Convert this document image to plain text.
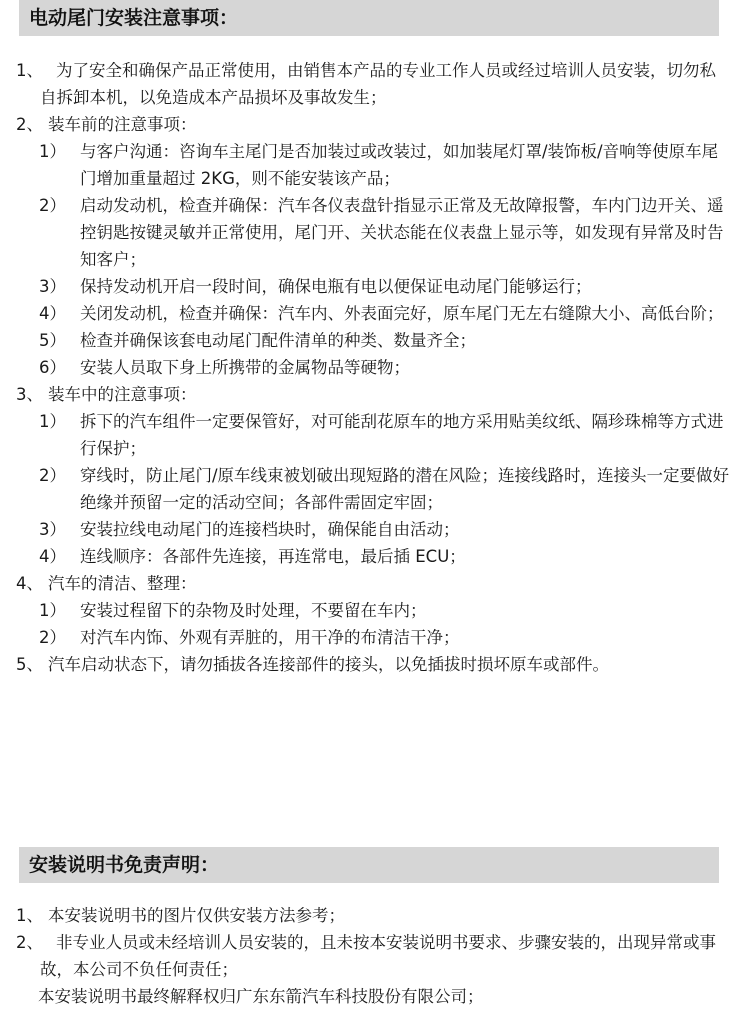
电动尾门安装注意事项：
1、 为了安全和确保产品正常使用，由销售本产品的专业工作人员或经过培训人员安装，切勿私自拆卸本机，以免造成本产品损坏及事故发生；
2、 装车前的注意事项：
1） 与客户沟通：咨询车主尾门是否加装过或改装过，如加装尾灯罩/装饰板/音响等使原车尾门增加重量超过 2KG，则不能安装该产品；
2） 启动发动机，检查并确保：汽车各仪表盘针指显示正常及无故障报警，车内门边开关、遥控钥匙按键灵敏并正常使用，尾门开、关状态能在仪表盘上显示等，如发现有异常及时告知客户；
3） 保持发动机开启一段时间，确保电瓶有电以便保证电动尾门能够运行；
4） 关闭发动机，检查并确保：汽车内、外表面完好，原车尾门无左右缝隙大小、高低台阶；
5） 检查并确保该套电动尾门配件清单的种类、数量齐全；
6） 安装人员取下身上所携带的金属物品等硬物；
3、 装车中的注意事项：
1） 拆下的汽车组件一定要保管好，对可能刮花原车的地方采用贴美纹纸、隔珍珠棉等方式进行保护；
2） 穿线时，防止尾门/原车线束被划破出现短路的潜在风险；连接线路时，连接头一定要做好绝缘并预留一定的活动空间；各部件需固定牢固；
3） 安装拉线电动尾门的连接档块时，确保能自由活动；
4） 连线顺序：各部件先连接，再连常电，最后插 ECU；
4、 汽车的清洁、整理：
1） 安装过程留下的杂物及时处理，不要留在车内；
2） 对汽车内饰、外观有弄脏的，用干净的布清洁干净；
5、 汽车启动状态下，请勿插拔各连接部件的接头，以免插拔时损坏原车或部件。
安装说明书免责声明：
1、 本安装说明书的图片仅供安装方法参考；
2、 非专业人员或未经培训人员安装的，且未按本安装说明书要求、步骤安装的，出现异常或事故，本公司不负任何责任；
本安装说明书最终解释权归广东东箭汽车科技股份有限公司；
